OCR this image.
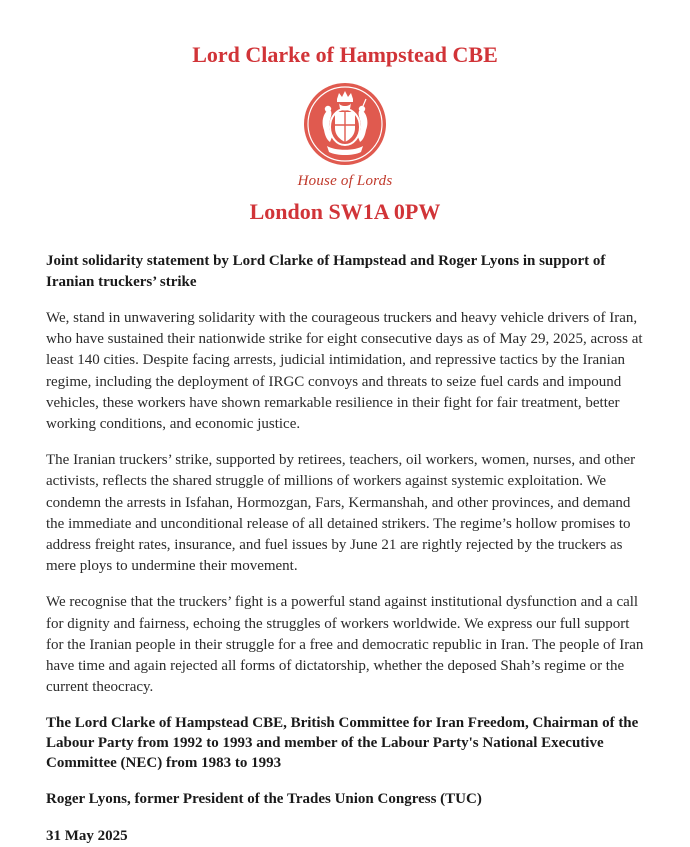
Lord Clarke of Hampstead CBE
House of Lords
London SW1A 0PW
Joint solidarity statement by Lord Clarke of Hampstead and Roger Lyons in support of Iranian truckers’ strike

We, stand in unwavering solidarity with the courageous truckers and heavy vehicle drivers of Iran, who have sustained their nationwide strike for eight consecutive days as of May 29, 2025, across at least 140 cities. Despite facing arrests, judicial intimidation, and repressive tactics by the Iranian regime, including the deployment of IRGC convoys and threats to seize fuel cards and impound vehicles, these workers have shown remarkable resilience in their fight for fair treatment, better working conditions, and economic justice.

The Iranian truckers’ strike, supported by retirees, teachers, oil workers, women, nurses, and other activists, reflects the shared struggle of millions of workers against systemic exploitation. We condemn the arrests in Isfahan, Hormozgan, Fars, Kermanshah, and other provinces, and demand the immediate and unconditional release of all detained strikers. The regime’s hollow promises to address freight rates, insurance, and fuel issues by June 21 are rightly rejected by the truckers as mere ploys to undermine their movement.

We recognise that the truckers’ fight is a powerful stand against institutional dysfunction and a call for dignity and fairness, echoing the struggles of workers worldwide. We express our full support for the Iranian people in their struggle for a free and democratic republic in Iran. The people of Iran have time and again rejected all forms of dictatorship, whether the deposed Shah’s regime or the current theocracy.

The Lord Clarke of Hampstead CBE, British Committee for Iran Freedom, Chairman of the Labour Party from 1992 to 1993 and member of the Labour Party's National Executive Committee (NEC) from 1983 to 1993
Roger Lyons, former President of the Trades Union Congress (TUC)
31 May 2025
